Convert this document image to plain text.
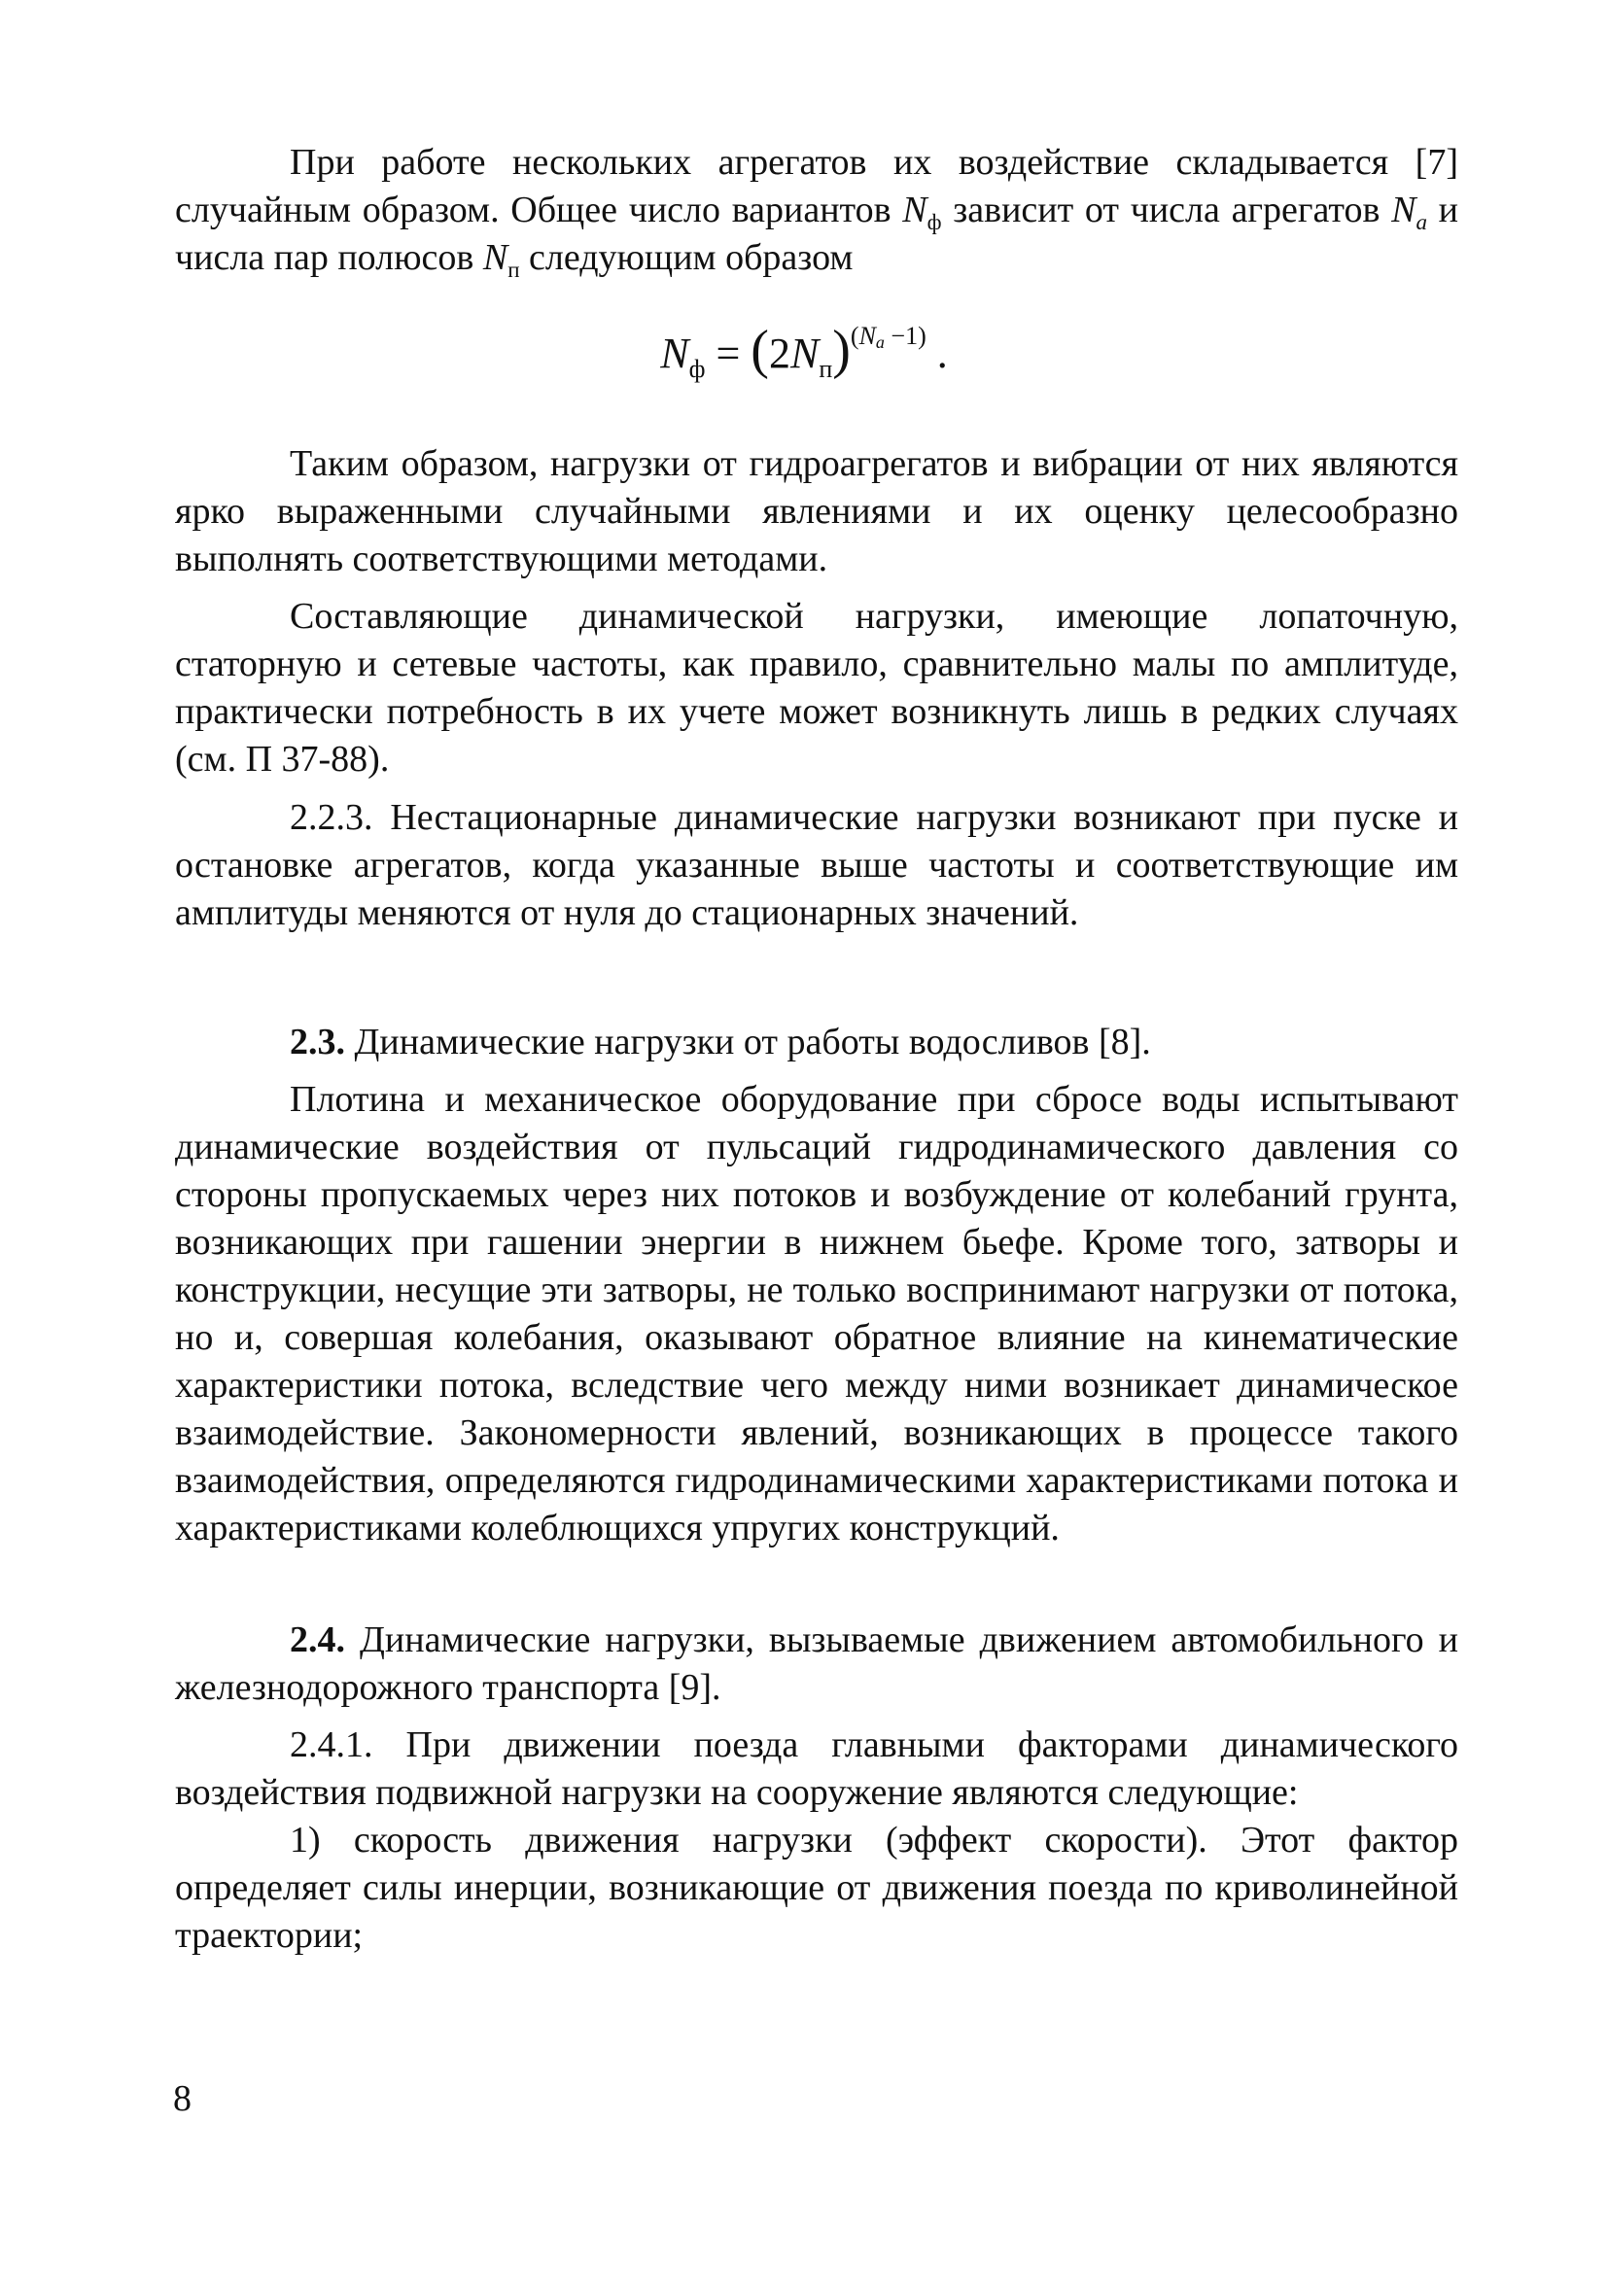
При работе нескольких агрегатов их воздействие складывается [7] случайным образом. Общее число вариантов $N_ф$ зависит от числа агрегатов $N_a$ и числа пар полюсов $N_п$ следующим образом

$N_ф = (2N_п)^{(Na -1)}$ .

Таким образом, нагрузки от гидроагрегатов и вибрации от них являются ярко выраженными случайными явлениями и их оценку целесообразно выполнять соответствующими методами.

Составляющие динамической нагрузки, имеющие лопаточную, статорную и сетевые частоты, как правило, сравнительно малы по амплитуде, практически потребность в их учете может возникнуть лишь в редких случаях (см. П 37-88).

2.2.3. Нестационарные динамические нагрузки возникают при пуске и остановке агрегатов, когда указанные выше частоты и соответствующие им амплитуды меняются от нуля до стационарных значений.

2.3. Динамические нагрузки от работы водосливов [8].

Плотина и механическое оборудование при сбросе воды испытывают динамические воздействия от пульсаций гидродинамического давления со стороны пропускаемых через них потоков и возбуждение от колебаний грунта, возникающих при гашении энергии в нижнем бьефе. Кроме того, затворы и конструкции, несущие эти затворы, не только воспринимают нагрузки от потока, но и, совершая колебания, оказывают обратное влияние на кинематические характеристики потока, вследствие чего между ними возникает динамическое взаимодействие. Закономерности явлений, возникающих в процессе такого взаимодействия, определяются гидродинамическими характеристиками потока и характеристиками колеблющихся упругих конструкций.

2.4. Динамические нагрузки, вызываемые движением автомобильного и железнодорожного транспорта [9].

2.4.1. При движении поезда главными факторами динамического воздействия подвижной нагрузки на сооружение являются следующие:

1) скорость движения нагрузки (эффект скорости). Этот фактор определяет силы инерции, возникающие от движения поезда по криволинейной траектории;

8
